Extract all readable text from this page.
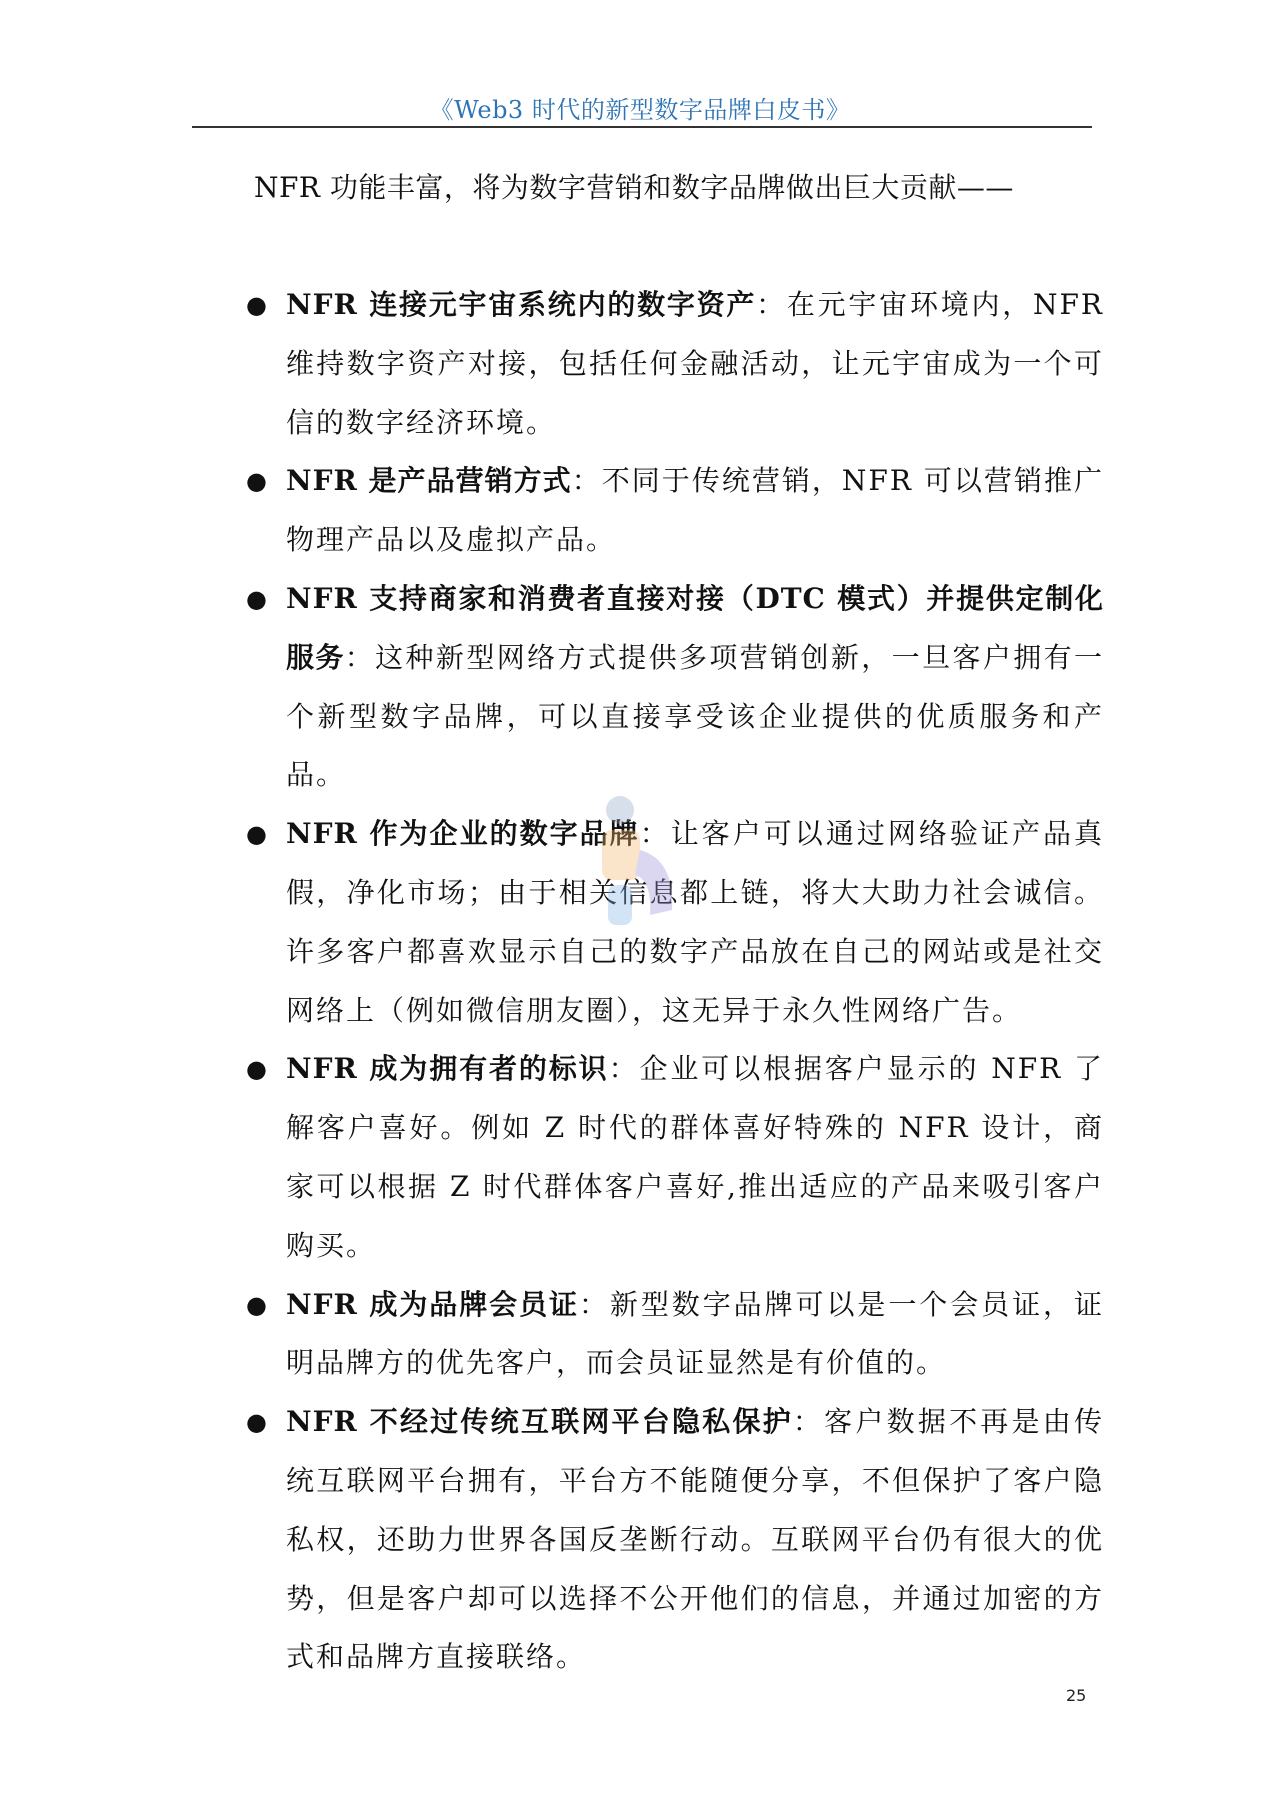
《Web3 时代的新型数字品牌白皮书》
NFR 功能丰富，将为数字营销和数字品牌做出巨大贡献——
● NFR 连接元宇宙系统内的数字资产：在元宇宙环境内，NFR 维持数字资产对接，包括任何金融活动，让元宇宙成为一个可信的数字经济环境。
● NFR 是产品营销方式：不同于传统营销，NFR 可以营销推广物理产品以及虚拟产品。
● NFR 支持商家和消费者直接对接（DTC 模式）并提供定制化服务：这种新型网络方式提供多项营销创新，一旦客户拥有一个新型数字品牌，可以直接享受该企业提供的优质服务和产品。
● NFR 作为企业的数字品牌：让客户可以通过网络验证产品真假，净化市场；由于相关信息都上链，将大大助力社会诚信。许多客户都喜欢显示自己的数字产品放在自己的网站或是社交网络上（例如微信朋友圈），这无异于永久性网络广告。
● NFR 成为拥有者的标识：企业可以根据客户显示的 NFR 了解客户喜好。例如 Z 时代的群体喜好特殊的 NFR 设计，商家可以根据 Z 时代群体客户喜好,推出适应的产品来吸引客户购买。
● NFR 成为品牌会员证：新型数字品牌可以是一个会员证，证明品牌方的优先客户，而会员证显然是有价值的。
● NFR 不经过传统互联网平台隐私保护：客户数据不再是由传统互联网平台拥有，平台方不能随便分享，不但保护了客户隐私权，还助力世界各国反垄断行动。互联网平台仍有很大的优势，但是客户却可以选择不公开他们的信息，并通过加密的方式和品牌方直接联络。
25
